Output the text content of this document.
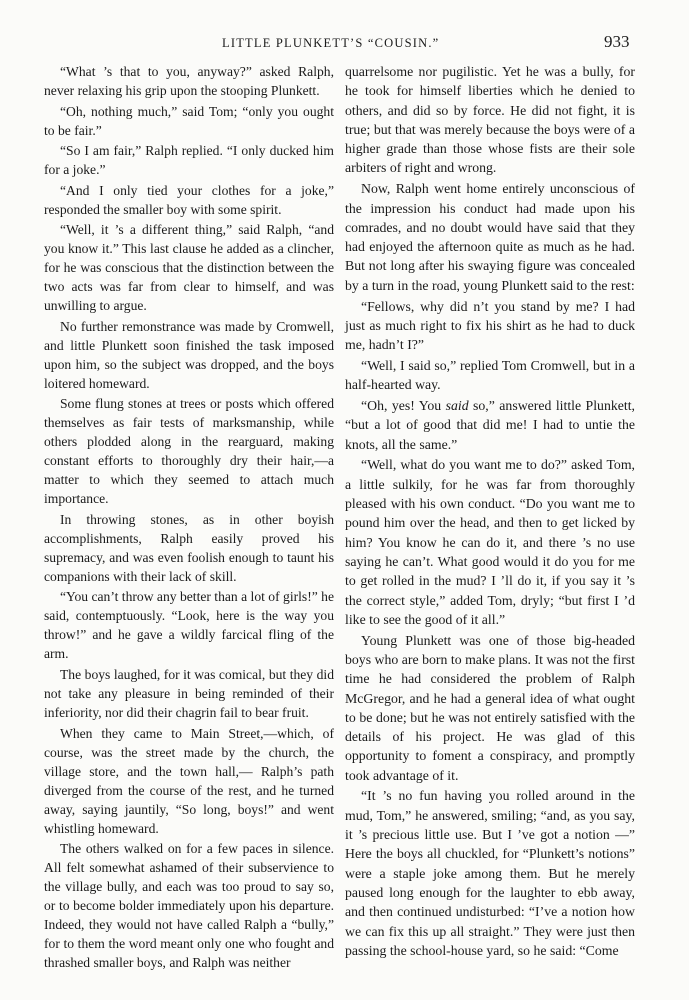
LITTLE PLUNKETT’S “COUSIN.”	933

“What ’s that to you, anyway?” asked Ralph, never relaxing his grip upon the stooping Plunkett.

“Oh, nothing much,” said Tom; “only you ought to be fair.”

“So I am fair,” Ralph replied. “I only ducked him for a joke.”

“And I only tied your clothes for a joke,” responded the smaller boy with some spirit.

“Well, it ’s a different thing,” said Ralph, “and you know it.” This last clause he added as a clincher, for he was conscious that the distinction between the two acts was far from clear to himself, and was unwilling to argue.

No further remonstrance was made by Cromwell, and little Plunkett soon finished the task imposed upon him, so the subject was dropped, and the boys loitered homeward.

Some flung stones at trees or posts which offered themselves as fair tests of marksmanship, while others plodded along in the rearguard, making constant efforts to thoroughly dry their hair,—a matter to which they seemed to attach much importance.

In throwing stones, as in other boyish accomplishments, Ralph easily proved his supremacy, and was even foolish enough to taunt his companions with their lack of skill.

“You can’t throw any better than a lot of girls!” he said, contemptuously. “Look, here is the way you throw!” and he gave a wildly farcical fling of the arm.

The boys laughed, for it was comical, but they did not take any pleasure in being reminded of their inferiority, nor did their chagrin fail to bear fruit.

When they came to Main Street,—which, of course, was the street made by the church, the village store, and the town hall,— Ralph’s path diverged from the course of the rest, and he turned away, saying jauntily, “So long, boys!” and went whistling homeward.

The others walked on for a few paces in silence. All felt somewhat ashamed of their subservience to the village bully, and each was too proud to say so, or to become bolder immediately upon his departure. Indeed, they would not have called Ralph a “bully,” for to them the word meant only one who fought and thrashed smaller boys, and Ralph was neither

quarrelsome nor pugilistic. Yet he was a bully, for he took for himself liberties which he denied to others, and did so by force. He did not fight, it is true; but that was merely because the boys were of a higher grade than those whose fists are their sole arbiters of right and wrong.

Now, Ralph went home entirely unconscious of the impression his conduct had made upon his comrades, and no doubt would have said that they had enjoyed the afternoon quite as much as he had. But not long after his swaying figure was concealed by a turn in the road, young Plunkett said to the rest:

“Fellows, why did n’t you stand by me? I had just as much right to fix his shirt as he had to duck me, hadn’t I?”

“Well, I said so,” replied Tom Cromwell, but in a half-hearted way.

“Oh, yes! You said so,” answered little Plunkett, “but a lot of good that did me! I had to untie the knots, all the same.”

“Well, what do you want me to do?” asked Tom, a little sulkily, for he was far from thoroughly pleased with his own conduct. “Do you want me to pound him over the head, and then to get licked by him? You know he can do it, and there ’s no use saying he can’t. What good would it do you for me to get rolled in the mud? I ’ll do it, if you say it ’s the correct style,” added Tom, dryly; “but first I ’d like to see the good of it all.”

Young Plunkett was one of those big-headed boys who are born to make plans. It was not the first time he had considered the problem of Ralph McGregor, and he had a general idea of what ought to be done; but he was not entirely satisfied with the details of his project. He was glad of this opportunity to foment a conspiracy, and promptly took advantage of it.

“It ’s no fun having you rolled around in the mud, Tom,” he answered, smiling; “and, as you say, it ’s precious little use. But I ’ve got a notion —” Here the boys all chuckled, for “Plunkett’s notions” were a staple joke among them. But he merely paused long enough for the laughter to ebb away, and then continued undisturbed: “I’ve a notion how we can fix this up all straight.” They were just then passing the school-house yard, so he said: “Come
